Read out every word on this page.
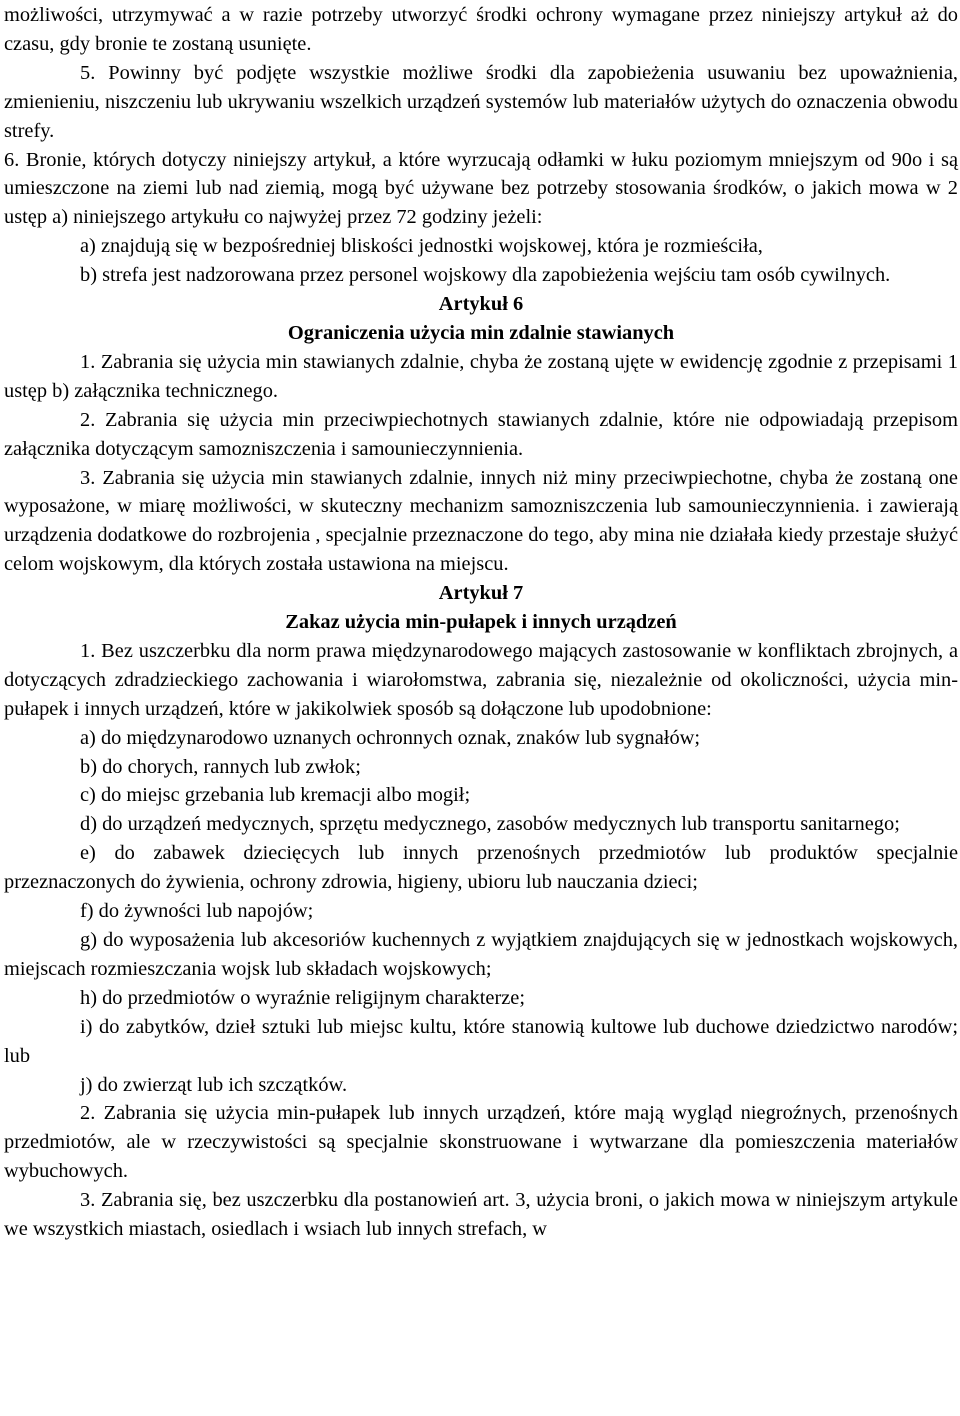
możliwości, utrzymywać a w razie potrzeby utworzyć środki ochrony wymagane przez niniejszy artykuł aż do czasu, gdy bronie te zostaną usunięte.

5. Powinny być podjęte wszystkie możliwe środki dla zapobieżenia usuwaniu bez upoważnienia, zmienieniu, niszczeniu lub ukrywaniu wszelkich urządzeń systemów lub materiałów użytych do oznaczenia obwodu strefy.

6. Bronie, których dotyczy niniejszy artykuł, a które wyrzucają odłamki w łuku poziomym mniejszym od 90o i są umieszczone na ziemi lub nad ziemią, mogą być używane bez potrzeby stosowania środków, o jakich mowa w 2 ustęp a) niniejszego artykułu co najwyżej przez 72 godziny jeżeli:

a) znajdują się w bezpośredniej bliskości jednostki wojskowej, która je rozmieściła,

b) strefa jest nadzorowana przez personel wojskowy dla zapobieżenia wejściu tam osób cywilnych.

Artykuł 6

Ograniczenia użycia min zdalnie stawianych

1. Zabrania się użycia min stawianych zdalnie, chyba że zostaną ujęte w ewidencję zgodnie z przepisami 1 ustęp b) załącznika technicznego.

2. Zabrania się użycia min przeciwpiechotnych stawianych zdalnie, które nie odpowiadają przepisom załącznika dotyczącym samozniszczenia i samounieczynnienia.

3. Zabrania się użycia min stawianych zdalnie, innych niż miny przeciwpiechotne, chyba że zostaną one wyposażone, w miarę możliwości, w skuteczny mechanizm samozniszczenia lub samounieczynnienia. i zawierają urządzenia dodatkowe do rozbrojenia , specjalnie przeznaczone do tego, aby mina nie działała kiedy przestaje służyć celom wojskowym, dla których została ustawiona na miejscu.

Artykuł 7

Zakaz użycia min-pułapek i innych urządzeń

1. Bez uszczerbku dla norm prawa międzynarodowego mających zastosowanie w konfliktach zbrojnych, a dotyczących zdradzieckiego zachowania i wiarołomstwa, zabrania się, niezależnie od okoliczności, użycia min-pułapek i innych urządzeń, które w jakikolwiek sposób są dołączone lub upodobnione:

a) do międzynarodowo uznanych ochronnych oznak, znaków lub sygnałów;

b) do chorych, rannych lub zwłok;

c) do miejsc grzebania lub kremacji albo mogił;

d) do urządzeń medycznych, sprzętu medycznego, zasobów medycznych lub transportu sanitarnego;

e) do zabawek dziecięcych lub innych przenośnych przedmiotów lub produktów specjalnie przeznaczonych do żywienia, ochrony zdrowia, higieny, ubioru lub nauczania dzieci;

f) do żywności lub napojów;

g) do wyposażenia lub akcesoriów kuchennych z wyjątkiem znajdujących się w jednostkach wojskowych, miejscach rozmieszczania wojsk lub składach wojskowych;

h) do przedmiotów o wyraźnie religijnym charakterze;

i) do zabytków, dzieł sztuki lub miejsc kultu, które stanowią kultowe lub duchowe dziedzictwo narodów; lub

j) do zwierząt lub ich szczątków.

2. Zabrania się użycia min-pułapek lub innych urządzeń, które mają wygląd niegroźnych, przenośnych przedmiotów, ale w rzeczywistości są specjalnie skonstruowane i wytwarzane dla pomieszczenia materiałów wybuchowych.

3. Zabrania się, bez uszczerbku dla postanowień art. 3, użycia broni, o jakich mowa w niniejszym artykule we wszystkich miastach, osiedlach i wsiach lub innych strefach, w
